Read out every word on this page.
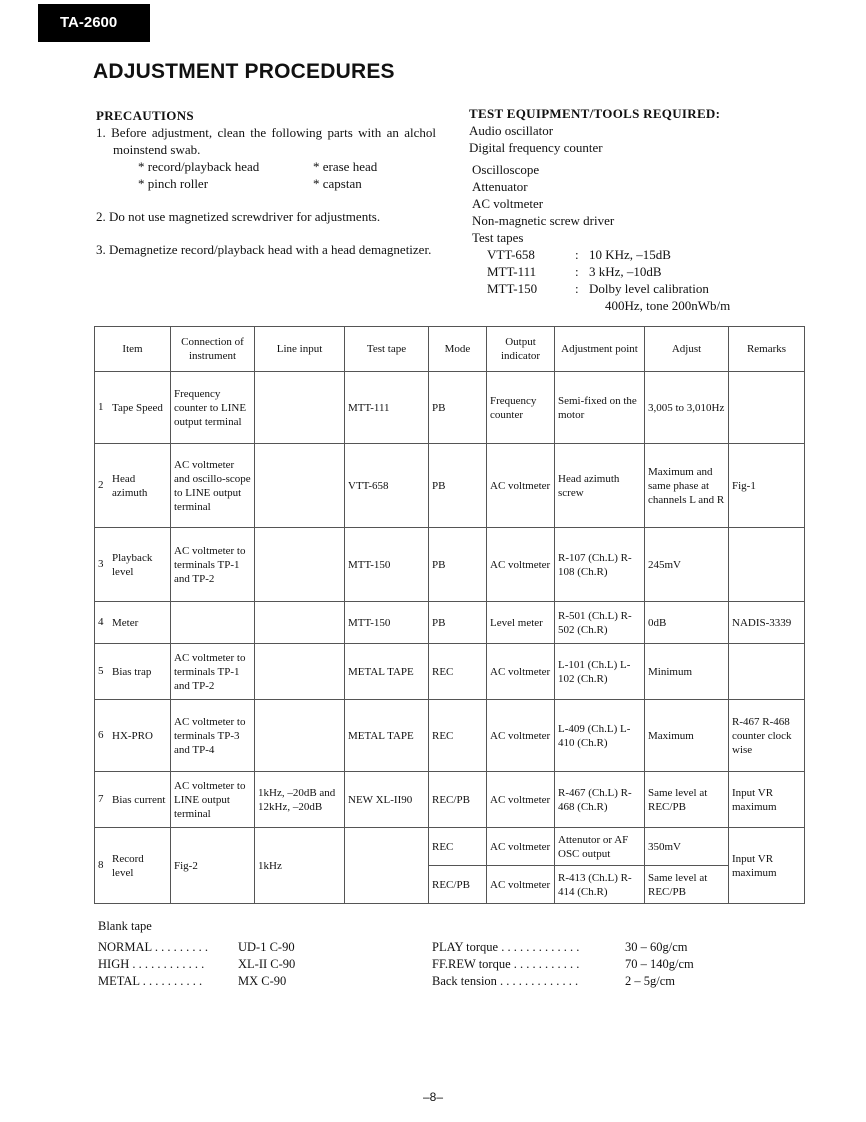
TA-2600
ADJUSTMENT PROCEDURES
PRECAUTIONS
1. Before adjustment, clean the following parts with an alchol moinstend swab.
* record/playback head	* erase head
* pinch roller	* capstan
2. Do not use magnetized screwdriver for adjustments.
3. Demagnetize record/playback head with a head demagnetizer.
TEST EQUIPMENT/TOOLS REQUIRED:
Audio oscillator
Digital frequency counter
Oscilloscope
Attenuator
AC voltmeter
Non-magnetic screw driver
Test tapes
VTT-658	: 10 KHz, –15dB
MTT-111	: 3 kHz, –10dB
MTT-150	: Dolby level calibration
400Hz, tone 200nWb/m
Item	Connection of instrument	Line input	Test tape	Mode	Output indicator	Adjustment point	Adjust	Remarks
1 Tape Speed	Frequency counter to LINE output terminal		MTT-111	PB	Frequency counter	Semi-fixed on the motor	3,005 to 3,010Hz	
2Head azimuth	AC voltmeter and oscillo-scope to LINE output terminal		VTT-658	PB	AC voltmeter	Head azimuth screw	Maximum and same phase at channels L and R	Fig-1
3Playback level	AC voltmeter to terminals TP-1 and TP-2		MTT-150	PB	AC voltmeter	R-107 (Ch.L) R-108 (Ch.R)	245mV	
4 Meter			MTT-150	PB	Level meter	R-501 (Ch.L) R-502 (Ch.R)	0dB	NADIS-3339
5 Bias trap	AC voltmeter to terminals TP-1 and TP-2		METAL TAPE	REC	AC voltmeter	L-101 (Ch.L) L-102 (Ch.R)	Minimum	
6 HX-PRO	AC voltmeter to terminals TP-3 and TP-4		METAL TAPE	REC	AC voltmeter	L-409 (Ch.L) L-410 (Ch.R)	Maximum	R-467 R-468 counter clock wise
7 Bias current	AC voltmeter to LINE output terminal	1kHz, –20dB and 12kHz, –20dB	NEW XL-II90	REC/PB	AC voltmeter	R-467 (Ch.L) R-468 (Ch.R)	Same level at REC/PB	Input VR maximum
8Record level	Fig-2	1kHz		REC	AC voltmeter	Attenutor or AF OSC output	350mV	Input VR maximum
				REC/PB	AC voltmeter	R-413 (Ch.L) R-414 (Ch.R)	Same level at REC/PB	
Blank tape
NORMAL . . . . . . . . . UD-1 C-90
HIGH . . . . . . . . . . . .	XL-II C-90
METAL . . . . . . . . . .	MX C-90
PLAY torque . . . . . . . . . . . . .	30 – 60g/cm
FF.REW torque . . . . . . . . . . .	70 – 140g/cm
Back tension . . . . . . . . . . . . .	2 – 5g/cm
–8–
